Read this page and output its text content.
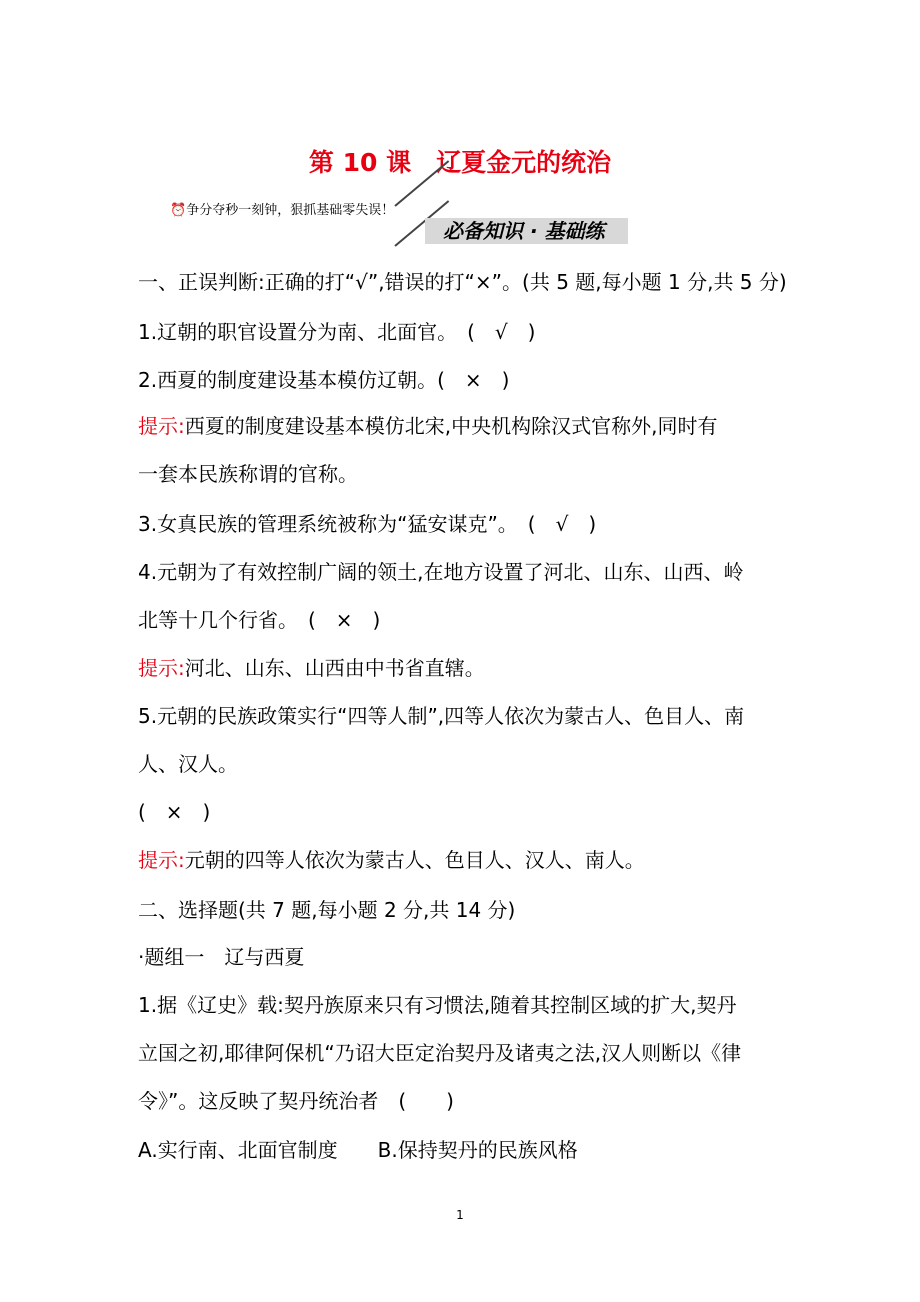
第 10 课　辽夏金元的统治
⏰争分夺秒一刻钟，狠抓基础零失误！
必备知识 · 基础练
一、正误判断:正确的打“√”,错误的打“×”。(共 5 题,每小题 1 分,共 5 分)
1.辽朝的职官设置分为南、北面官。　(　√　)
2.西夏的制度建设基本模仿辽朝。(　×　)
提示:西夏的制度建设基本模仿北宋,中央机构除汉式官称外,同时有
一套本民族称谓的官称。
3.女真民族的管理系统被称为“猛安谋克”。　(　√　)
4.元朝为了有效控制广阔的领土,在地方设置了河北、山东、山西、岭
北等十几个行省。　(　×　)
提示:河北、山东、山西由中书省直辖。
5.元朝的民族政策实行“四等人制”,四等人依次为蒙古人、色目人、南
人、汉人。
(　×　)
提示:元朝的四等人依次为蒙古人、色目人、汉人、南人。
二、选择题(共 7 题,每小题 2 分,共 14 分)
·题组一　辽与西夏
1.据《辽史》载:契丹族原来只有习惯法,随着其控制区域的扩大,契丹
立国之初,耶律阿保机“乃诏大臣定治契丹及诸夷之法,汉人则断以《律
令》”。这反映了契丹统治者　(　　)
A.实行南、北面官制度　　B.保持契丹的民族风格
1
